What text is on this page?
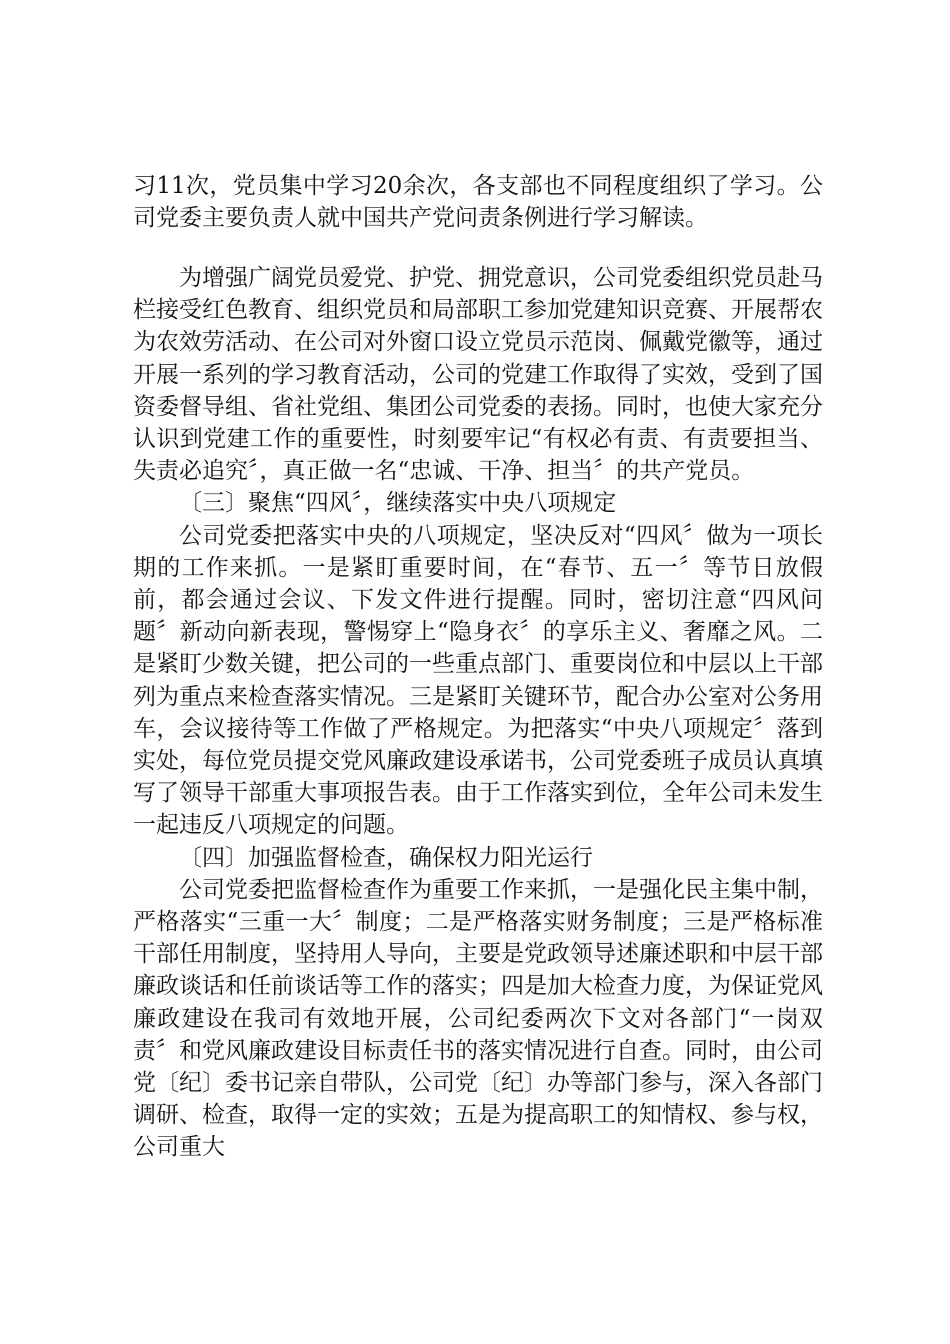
习11次，党员集中学习20余次，各支部也不同程度组织了学习。公司党委主要负责人就中国共产党问责条例进行学习解读。

为增强广阔党员爱党、护党、拥党意识，公司党委组织党员赴马栏接受红色教育、组织党员和局部职工参加党建知识竞赛、开展帮农为农效劳活动、在公司对外窗口设立党员示范岗、佩戴党徽等，通过开展一系列的学习教育活动，公司的党建工作取得了实效，受到了国资委督导组、省社党组、集团公司党委的表扬。同时，也使大家充分认识到党建工作的重要性，时刻要牢记“有权必有责、有责要担当、失责必追究〞，真正做一名“忠诚、干净、担当〞的共产党员。

〔三〕聚焦“四风〞，继续落实中央八项规定

公司党委把落实中央的八项规定，坚决反对“四风〞做为一项长期的工作来抓。一是紧盯重要时间，在“春节、五一〞等节日放假前，都会通过会议、下发文件进行提醒。同时，密切注意“四风问题〞新动向新表现，警惕穿上“隐身衣〞的享乐主义、奢靡之风。二是紧盯少数关键，把公司的一些重点部门、重要岗位和中层以上干部列为重点来检查落实情况。三是紧盯关键环节，配合办公室对公务用车，会议接待等工作做了严格规定。为把落实“中央八项规定〞落到实处，每位党员提交党风廉政建设承诺书，公司党委班子成员认真填写了领导干部重大事项报告表。由于工作落实到位，全年公司未发生一起违反八项规定的问题。

〔四〕加强监督检查，确保权力阳光运行

公司党委把监督检查作为重要工作来抓，一是强化民主集中制，严格落实“三重一大〞制度；二是严格落实财务制度；三是严格标准干部任用制度，坚持用人导向，主要是党政领导述廉述职和中层干部廉政谈话和任前谈话等工作的落实；四是加大检查力度，为保证党风廉政建设在我司有效地开展，公司纪委两次下文对各部门“一岗双责〞和党风廉政建设目标责任书的落实情况进行自查。同时，由公司党〔纪〕委书记亲自带队，公司党〔纪〕办等部门参与，深入各部门调研、检查，取得一定的实效；五是为提高职工的知情权、参与权，公司重大
